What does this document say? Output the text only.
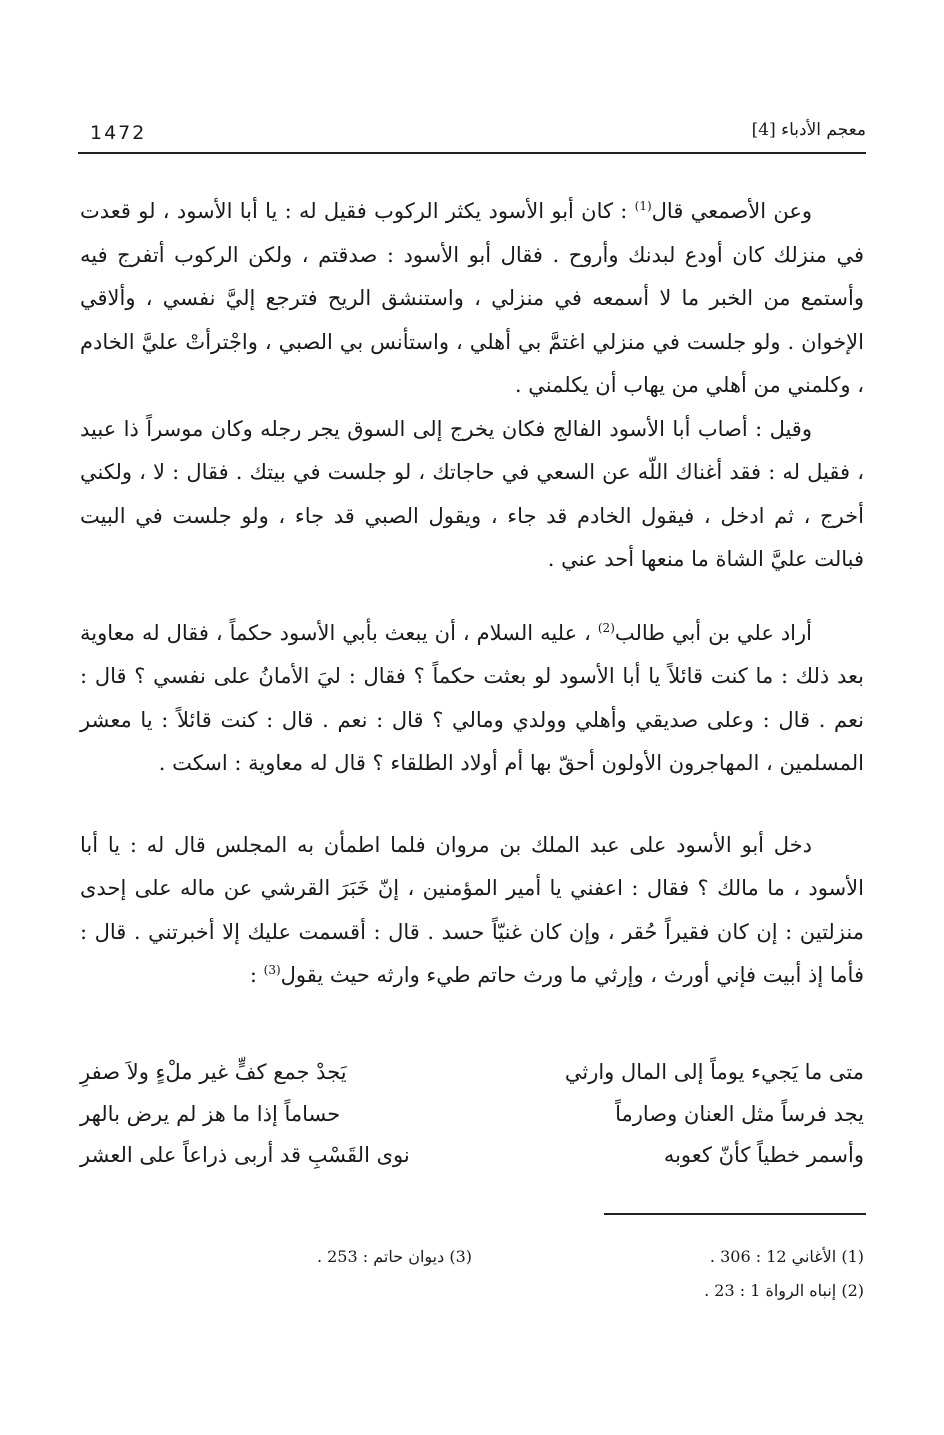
1472	معجم الأدباء [4]

وعن الأصمعي قال$^{(1)}$ : كان أبو الأسود يكثر الركوب فقيل له : يا أبا الأسود ، لو قعدت في منزلك كان أودع لبدنك وأروح . فقال أبو الأسود : صدقتم ، ولكن الركوب أتفرج فيه وأستمع من الخبر ما لا أسمعه في منزلي ، واستنشق الريح فترجع إليَّ نفسي ، وألاقي الإخوان . ولو جلست في منزلي اغتمَّ بي أهلي ، واستأنس بي الصبي ، واجْترأتْ عليَّ الخادم ، وكلمني من أهلي من يهاب أن يكلمني .

وقيل : أصاب أبا الأسود الفالج فكان يخرج إلى السوق يجر رجله وكان موسراً ذا عبيد ، فقيل له : فقد أغناك اللّه عن السعي في حاجاتك ، لو جلست في بيتك . فقال : لا ، ولكني أخرج ، ثم ادخل ، فيقول الخادم قد جاء ، ويقول الصبي قد جاء ، ولو جلست في البيت فبالت عليَّ الشاة ما منعها أحد عني .

أراد علي بن أبي طالب$^{(2)}$ ، عليه السلام ، أن يبعث بأبي الأسود حكماً ، فقال له معاوية بعد ذلك : ما كنت قائلاً يا أبا الأسود لو بعثت حكماً ؟ فقال : ليَ الأمانُ على نفسي ؟ قال : نعم . قال : وعلى صديقي وأهلي وولدي ومالي ؟ قال : نعم . قال : كنت قائلاً : يا معشر المسلمين ، المهاجرون الأولون أحقّ بها أم أولاد الطلقاء ؟ قال له معاوية : اسكت .

دخل أبو الأسود على عبد الملك بن مروان فلما اطمأن به المجلس قال له : يا أبا الأسود ، ما مالك ؟ فقال : اعفني يا أمير المؤمنين ، إنّ خَبَرَ القرشي عن ماله على إحدى منزلتين : إن كان فقيراً حُقر ، وإن كان غنيّاً حسد . قال : أقسمت عليك إلا أخبرتني . قال : فأما إذ أبيت فإني أورث ، وإرثي ما ورث حاتم طيء وارثه حيث يقول$^{(3)}$ :

متى ما يَجيء يوماً إلى المال وارثي
يَجدْ جمع كفٍّ غير ملْءٍ ولاَ صفرِ
يجد فرساً مثل العنان وصارماً
حساماً إذا ما هز لم يرض بالهر
وأسمر خطياً كأنّ كعوبه
نوى القَسْبِ قد أربى ذراعاً على العشر
(1) الأغاني 12 : 306 .
(3) ديوان حاتم : 253 .
(2) إنباه الرواة 1 : 23 .
